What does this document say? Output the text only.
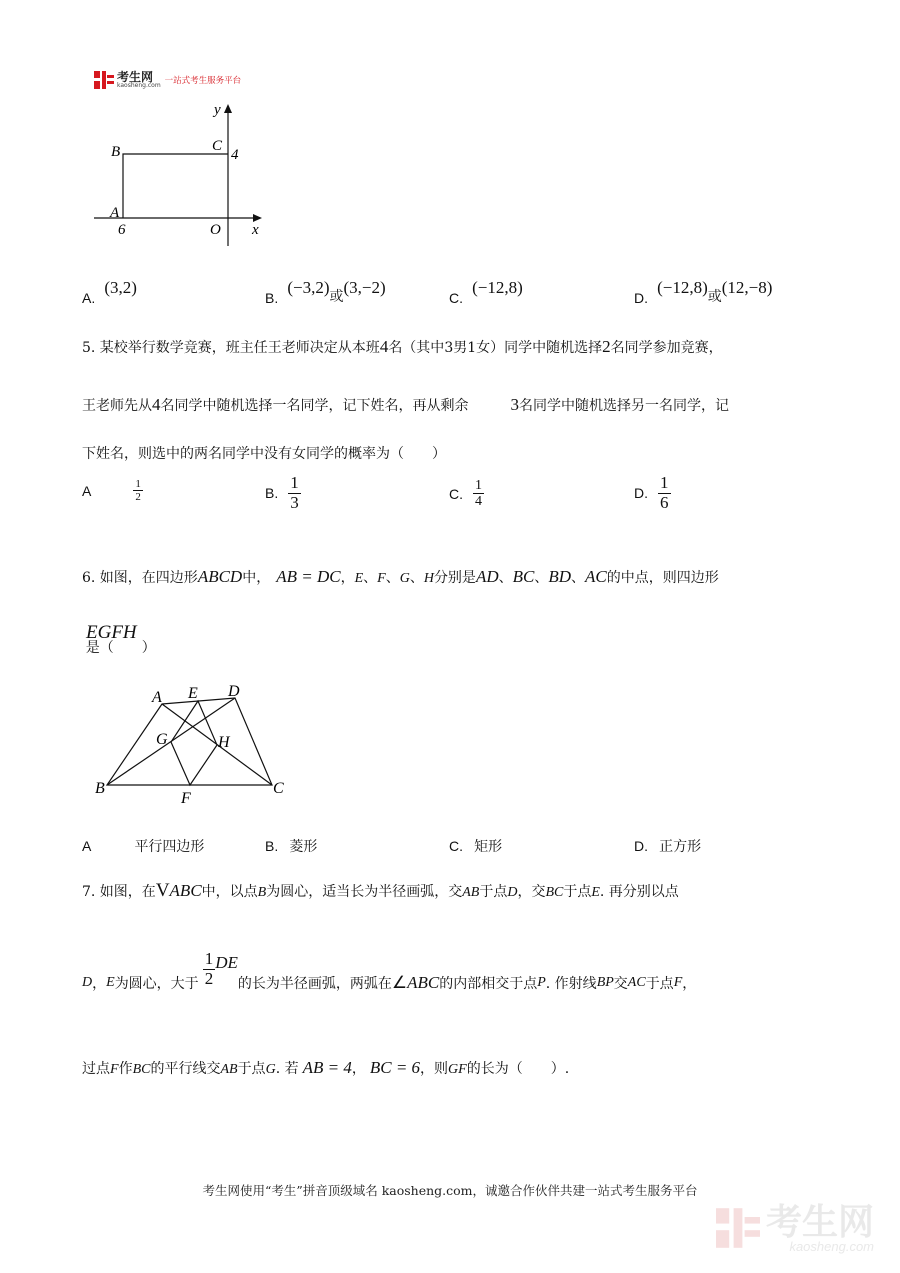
考生网
kaosheng.com 一站式考生服务平台
y
B	C
4
A
6	O x
A. (3,2)
B. (−3,2)或(3,−2)
C. (−12,8)
D. (−12,8)或(12,−8)
5. 某校举行数学竞赛，班主任王老师决定从本班4名（其中3男1女）同学中随机选择2名同学参加竞赛，
王老师先从4名同学中随机选择一名同学，记下姓名，再从剩余 3名同学中随机选择另一名同学，记
下姓名，则选中的两名同学中没有女同学的概率为（　　）
A	$\frac{1}{2}$	B. $\frac{1}{3}$	C. $\frac{1}{4}$	D. $\frac{1}{6}$
6. 如图，在四边形ABCD中， AB = DC，E、F、G、H分别是AD、BC、BD、AC的中点，则四边形
EGFH 是（　　）
A E D
G	H
B
F
C
A	平行四边形	B. 菱形	C. 矩形	D. 正方形
7. 如图，在VABC中，以点B为圆心，适当长为半径画弧，交AB于点D，交BC于点E. 再分别以点
D ， E 为圆心，大于 $\frac{1}{2}$ DE
的长为半径画弧，两弧在 ∠ ABC 的内部相交于点 P . 作射线 BP 交 AC 于点 F ，
过点F作BC的平行线交AB于点G. 若 AB = 4， BC = 6，则GF的长为（　　）.
考生网使用“考生”拼音顶级域名 kaosheng.com，诚邀合作伙伴共建一站式考生服务平台
考生网
kaosheng.com
